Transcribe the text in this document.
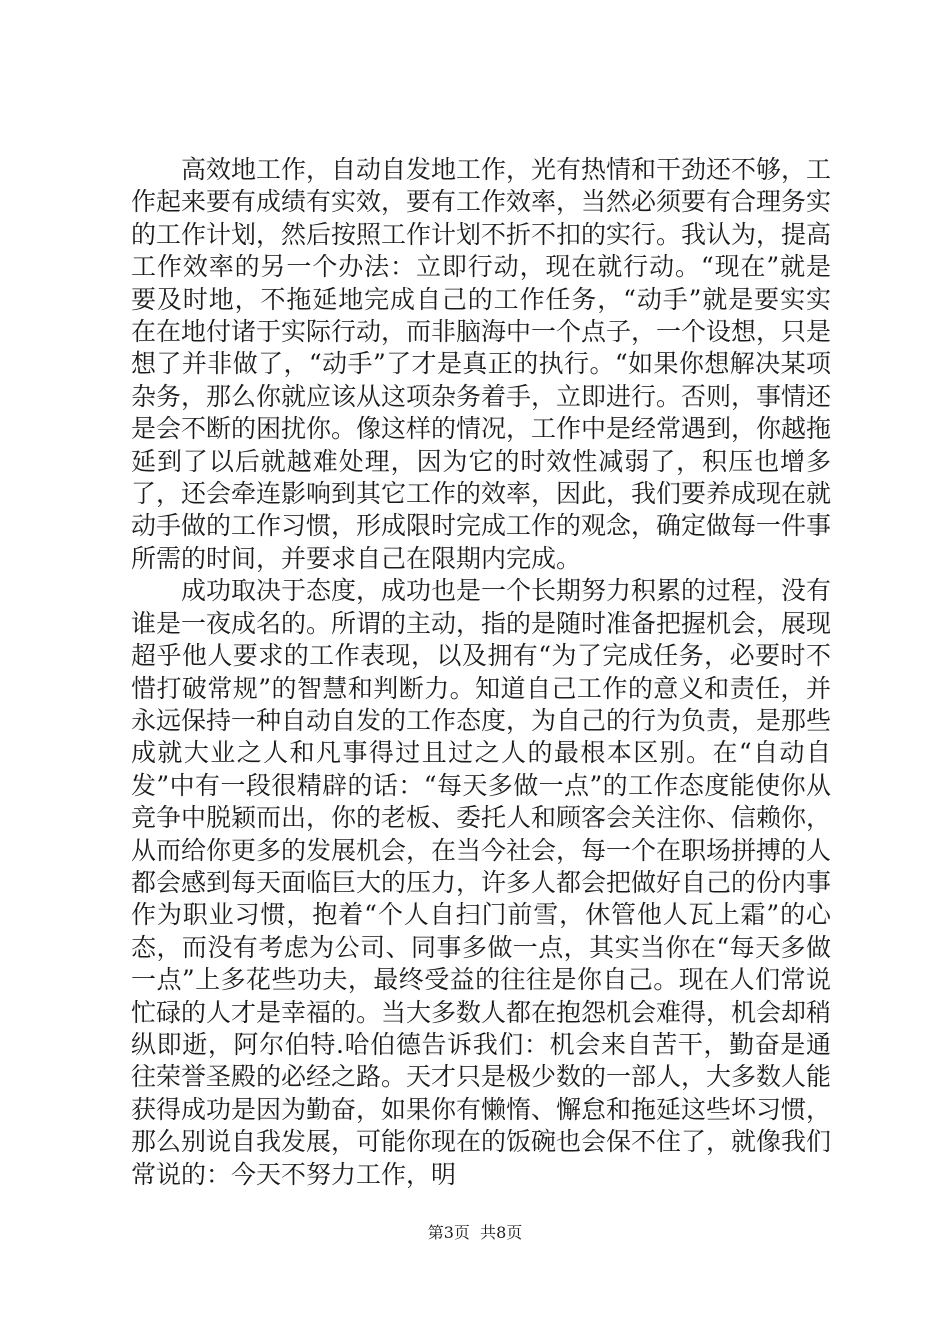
高效地工作，自动自发地工作，光有热情和干劲还不够，工作起来要有成绩有实效，要有工作效率，当然必须要有合理务实的工作计划，然后按照工作计划不折不扣的实行。我认为，提高工作效率的另一个办法：立即行动，现在就行动。“现在”就是要及时地，不拖延地完成自己的工作任务，“动手”就是要实实在在地付诸于实际行动，而非脑海中一个点子，一个设想，只是想了并非做了，“动手”了才是真正的执行。“如果你想解决某项杂务，那么你就应该从这项杂务着手，立即进行。否则，事情还是会不断的困扰你。像这样的情况，工作中是经常遇到，你越拖延到了以后就越难处理，因为它的时效性减弱了，积压也增多了，还会牵连影响到其它工作的效率，因此，我们要养成现在就动手做的工作习惯，形成限时完成工作的观念，确定做每一件事所需的时间，并要求自己在限期内完成。

成功取决于态度，成功也是一个长期努力积累的过程，没有谁是一夜成名的。所谓的主动，指的是随时准备把握机会，展现超乎他人要求的工作表现，以及拥有“为了完成任务，必要时不惜打破常规”的智慧和判断力。知道自己工作的意义和责任，并永远保持一种自动自发的工作态度，为自己的行为负责，是那些成就大业之人和凡事得过且过之人的最根本区别。在“自动自发”中有一段很精辟的话：“每天多做一点”的工作态度能使你从竞争中脱颖而出，你的老板、委托人和顾客会关注你、信赖你，从而给你更多的发展机会，在当今社会，每一个在职场拼搏的人都会感到每天面临巨大的压力，许多人都会把做好自己的份内事作为职业习惯，抱着“个人自扫门前雪，休管他人瓦上霜”的心态，而没有考虑为公司、同事多做一点，其实当你在“每天多做一点”上多花些功夫，最终受益的往往是你自己。现在人们常说忙碌的人才是幸福的。当大多数人都在抱怨机会难得，机会却稍纵即逝，阿尔伯特.哈伯德告诉我们：机会来自苦干，勤奋是通往荣誉圣殿的必经之路。天才只是极少数的一部人，大多数人能获得成功是因为勤奋，如果你有懒惰、懈怠和拖延这些坏习惯，那么别说自我发展，可能你现在的饭碗也会保不住了，就像我们常说的：今天不努力工作，明

第3页  共8页
